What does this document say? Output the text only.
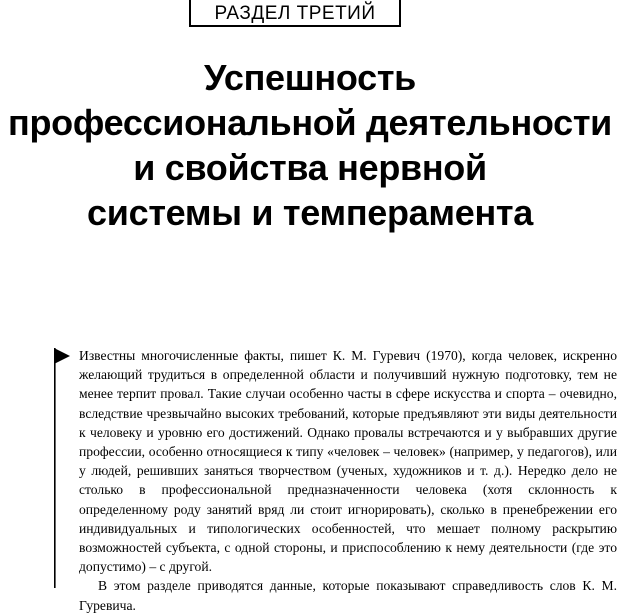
РАЗДЕЛ ТРЕТИЙ
Успешность
профессиональной деятельности
и свойства нервной
системы и темперамента

Известны многочисленные факты, пишет К. М. Гуревич (1970), когда человек, искренно желающий трудиться в определенной области и получивший нужную подготовку, тем не менее терпит провал. Такие случаи особенно часты в сфере искусства и спорта – очевидно, вследствие чрезвычайно высоких требований, которые предъявляют эти виды деятельности к человеку и уровню его достижений. Однако провалы встречаются и у выбравших другие профессии, особенно относящиеся к типу «человек – человек» (например, у педагогов), или у людей, решивших заняться творчеством (ученых, художников и т. д.). Нередко дело не столько в профессиональной предназначенности человека (хотя склонность к определенному роду занятий вряд ли стоит игнорировать), сколько в пренебрежении его индивидуальных и типологических особенностей, что мешает полному раскрытию возможностей субъекта, с одной стороны, и приспособлению к нему деятельности (где это допустимо) – с другой.

В этом разделе приводятся данные, которые показывают справедливость слов К. М. Гуревича.
